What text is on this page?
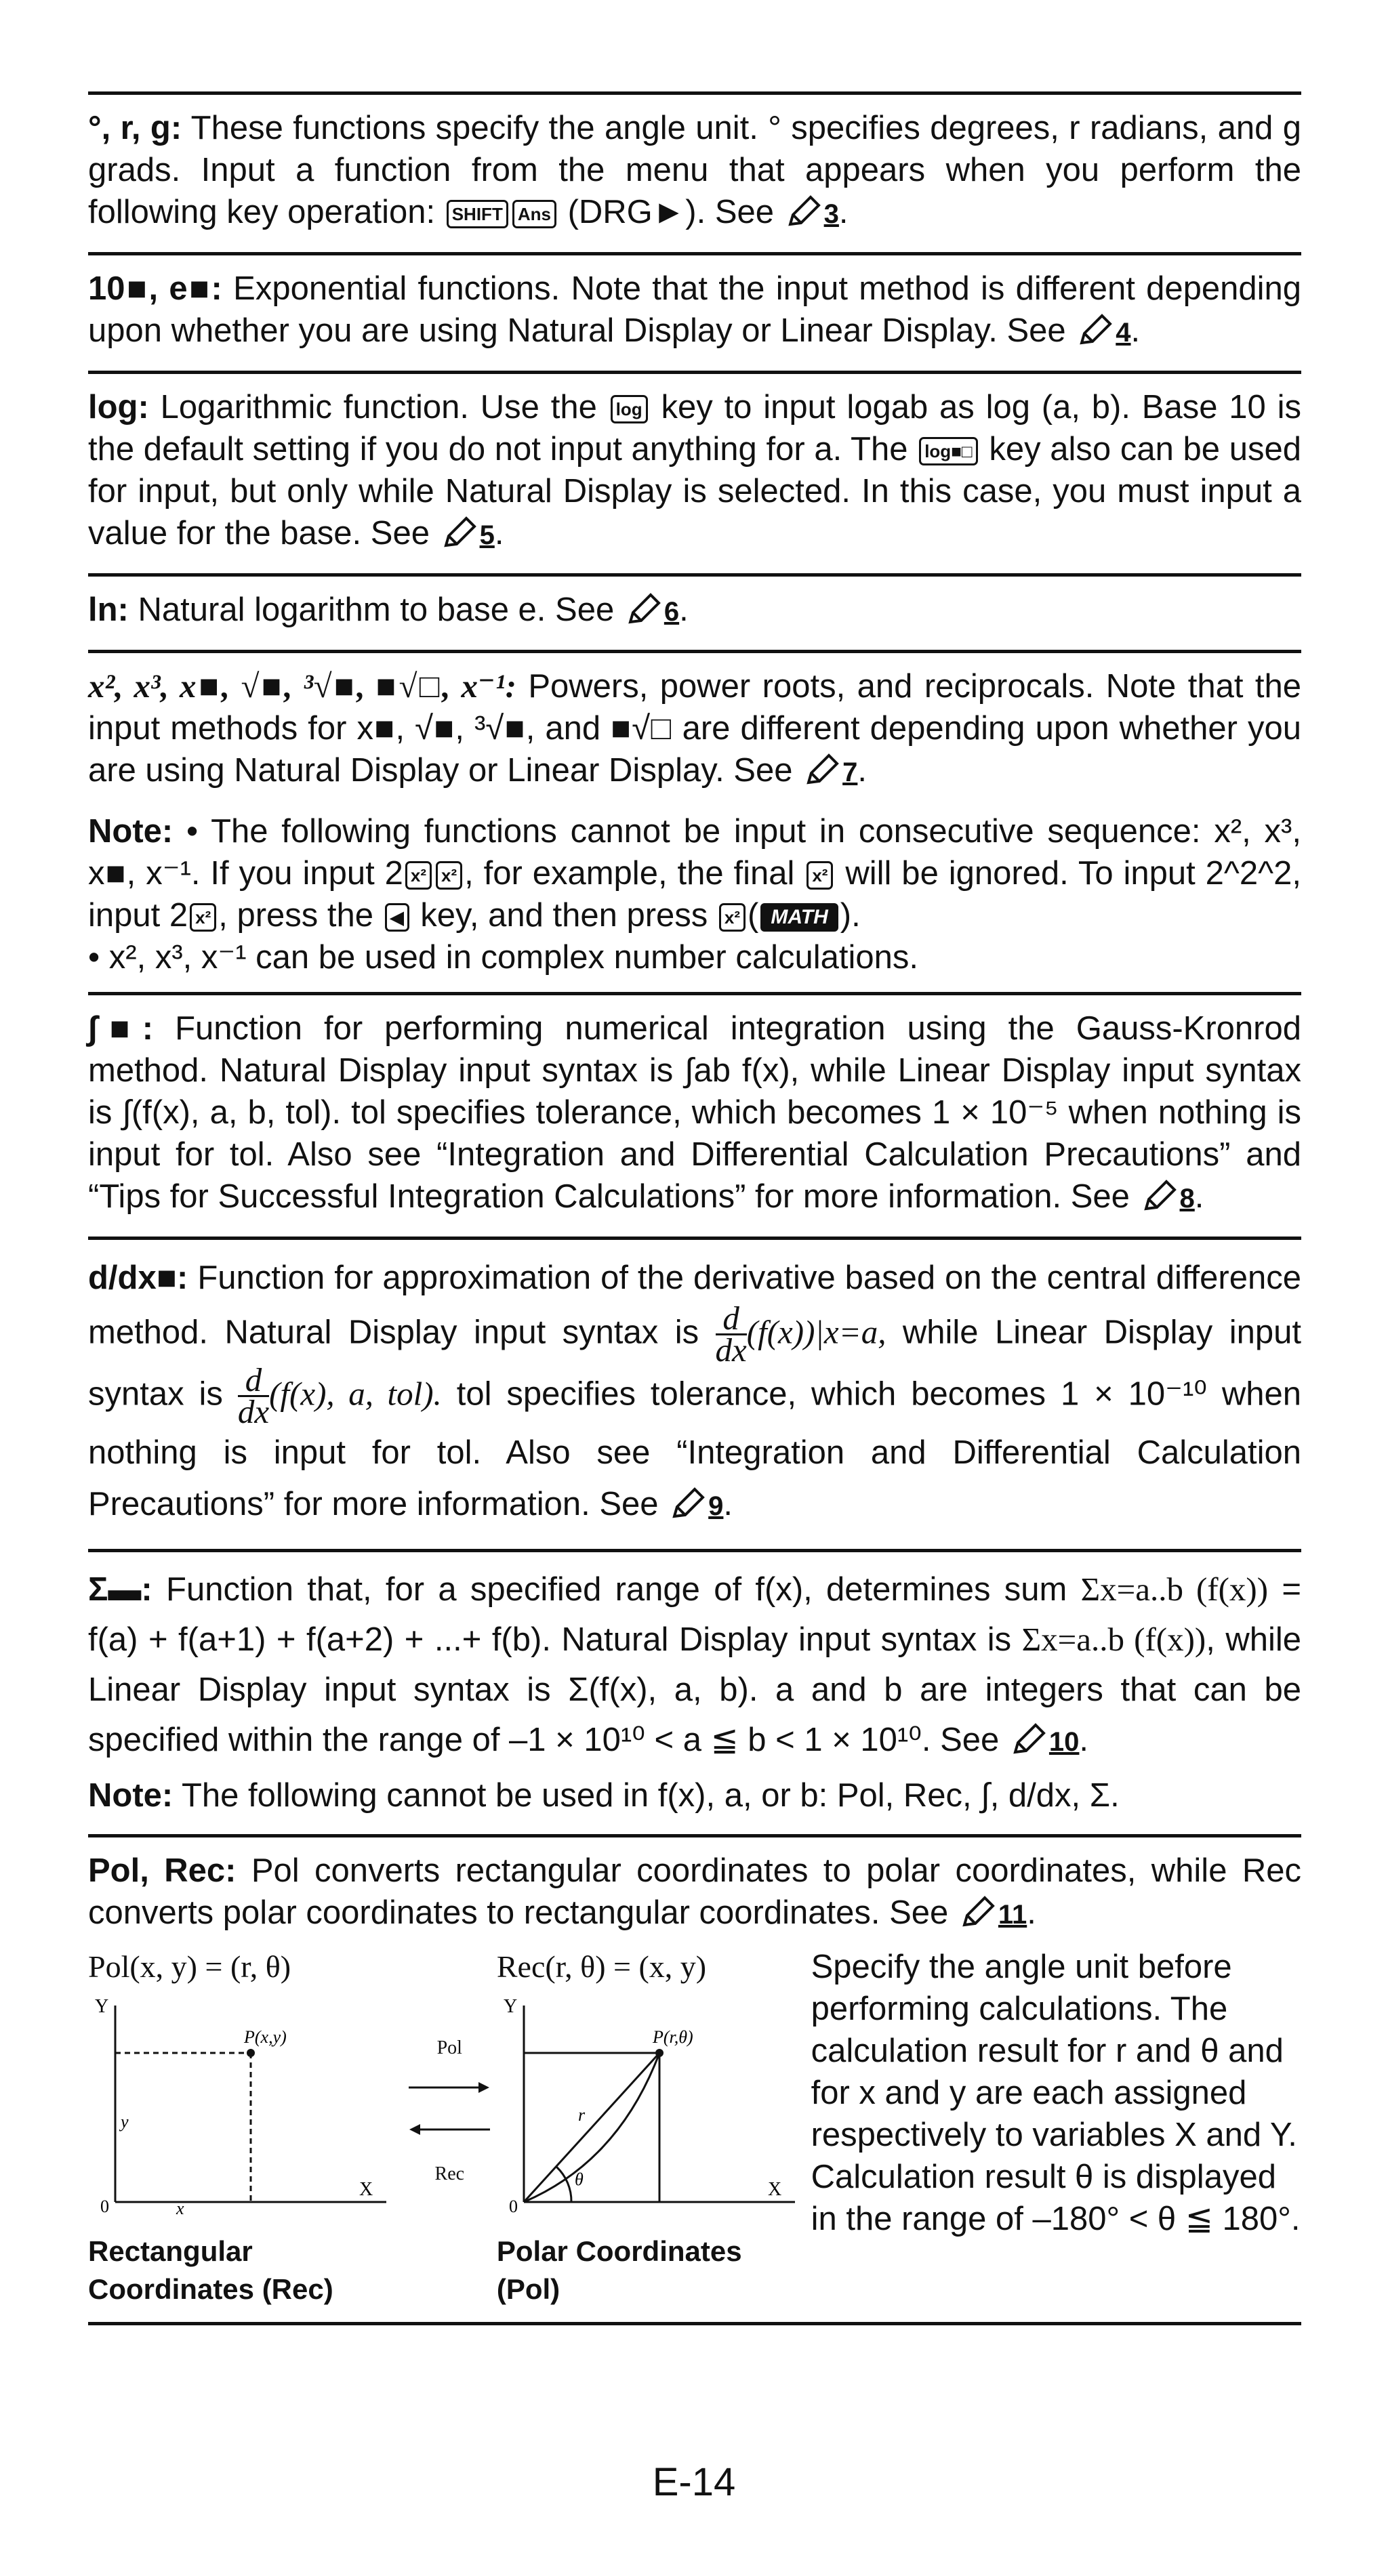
°, r, g: These functions specify the angle unit. ° specifies degrees, r radians, and g grads. Input a function from the menu that appears when you perform the following key operation: SHIFT Ans (DRG►). See 3.
10■, e■: Exponential functions. Note that the input method is different depending upon whether you are using Natural Display or Linear Display. See 4.
log: Logarithmic function. Use the log key to input logab as log (a, b). Base 10 is the default setting if you do not input anything for a. The log■□ key also can be used for input, but only while Natural Display is selected. In this case, you must input a value for the base. See 5.
ln: Natural logarithm to base e. See 6.
x², x³, x■, √■, ³√■, ■√□, x⁻¹: Powers, power roots, and reciprocals. Note that the input methods for x■, √■, ³√■, and ■√□ are different depending upon whether you are using Natural Display or Linear Display. See 7.
Note: • The following functions cannot be input in consecutive sequence: x², x³, x■, x⁻¹. If you input 2 x² x² , for example, the final x² will be ignored. To input 2^2^2, input 2 x² , press the ◀ key, and then press x² ( MATH ).
• x², x³, x⁻¹ can be used in complex number calculations.
∫■: Function for performing numerical integration using the Gauss-Kronrod method. Natural Display input syntax is ∫ab f(x), while Linear Display input syntax is ∫(f(x), a, b, tol). tol specifies tolerance, which becomes 1 × 10⁻⁵ when nothing is input for tol. Also see “Integration and Differential Calculation Precautions” and “Tips for Successful Integration Calculations” for more information. See 8.
d/dx■: Function for approximation of the derivative based on the central difference method. Natural Display input syntax is $\frac{d}{dx} (f(x))|x=a$, while Linear Display input syntax is $\frac{d}{dx} (f(x)$, a, tol). tol specifies tolerance, which becomes 1 × 10⁻¹⁰ when nothing is input for tol. Also see “Integration and Differential Calculation Precautions” for more information. See 9.
Σ▬: Function that, for a specified range of f(x), determines sum Σx=a..b (f(x)) = f(a) + f(a+1) + f(a+2) + ...+ f(b). Natural Display input syntax is Σx=a..b (f(x)), while Linear Display input syntax is Σ(f(x), a, b). a and b are integers that can be specified within the range of –1 × 10¹⁰ < a ≦ b < 1 × 10¹⁰. See 10.
Note: The following cannot be used in f(x), a, or b: Pol, Rec, ∫, d/dx, Σ.
Pol, Rec: Pol converts rectangular coordinates to polar coordinates, while Rec converts polar coordinates to rectangular coordinates. See 11.
Pol(x, y) = (r, θ)
Y
X
0
P(x,y)
x
y
Rectangular Coordinates (Rec)
Pol

Rec
Rec(r, θ) = (x, y)
Y
X
0
P(r,θ)
r
θ
Polar Coordinates (Pol)
Specify the angle unit before performing calculations. The calculation result for r and θ and for x and y are each assigned respectively to variables X and Y. Calculation result θ is displayed in the range of –180° < θ ≦ 180°.
E-14
